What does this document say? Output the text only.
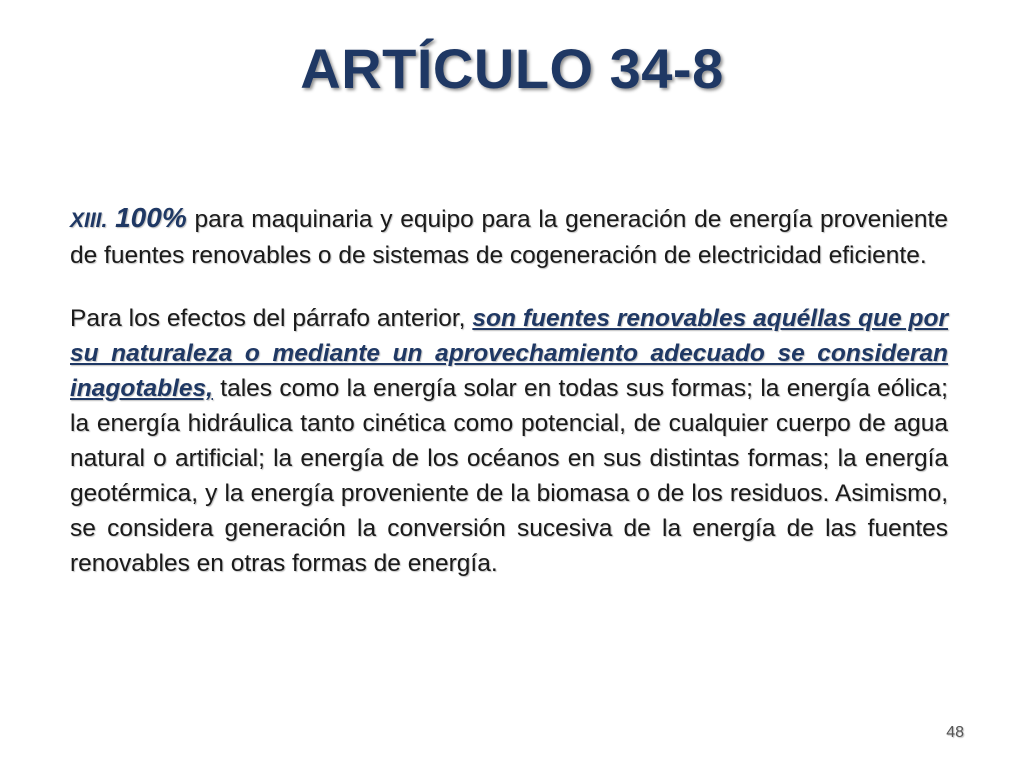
ARTÍCULO 34-8

XIII. 100% para maquinaria y equipo para la generación de energía proveniente de fuentes renovables o de sistemas de cogeneración de electricidad eficiente.

Para los efectos del párrafo anterior, son fuentes renovables aquéllas que por su naturaleza o mediante un aprovechamiento adecuado se consideran inagotables, tales como la energía solar en todas sus formas; la energía eólica; la energía hidráulica tanto cinética como potencial, de cualquier cuerpo de agua natural o artificial; la energía de los océanos en sus distintas formas; la energía geotérmica, y la energía proveniente de la biomasa o de los residuos. Asimismo, se considera generación la conversión sucesiva de la energía de las fuentes renovables en otras formas de energía.

48
